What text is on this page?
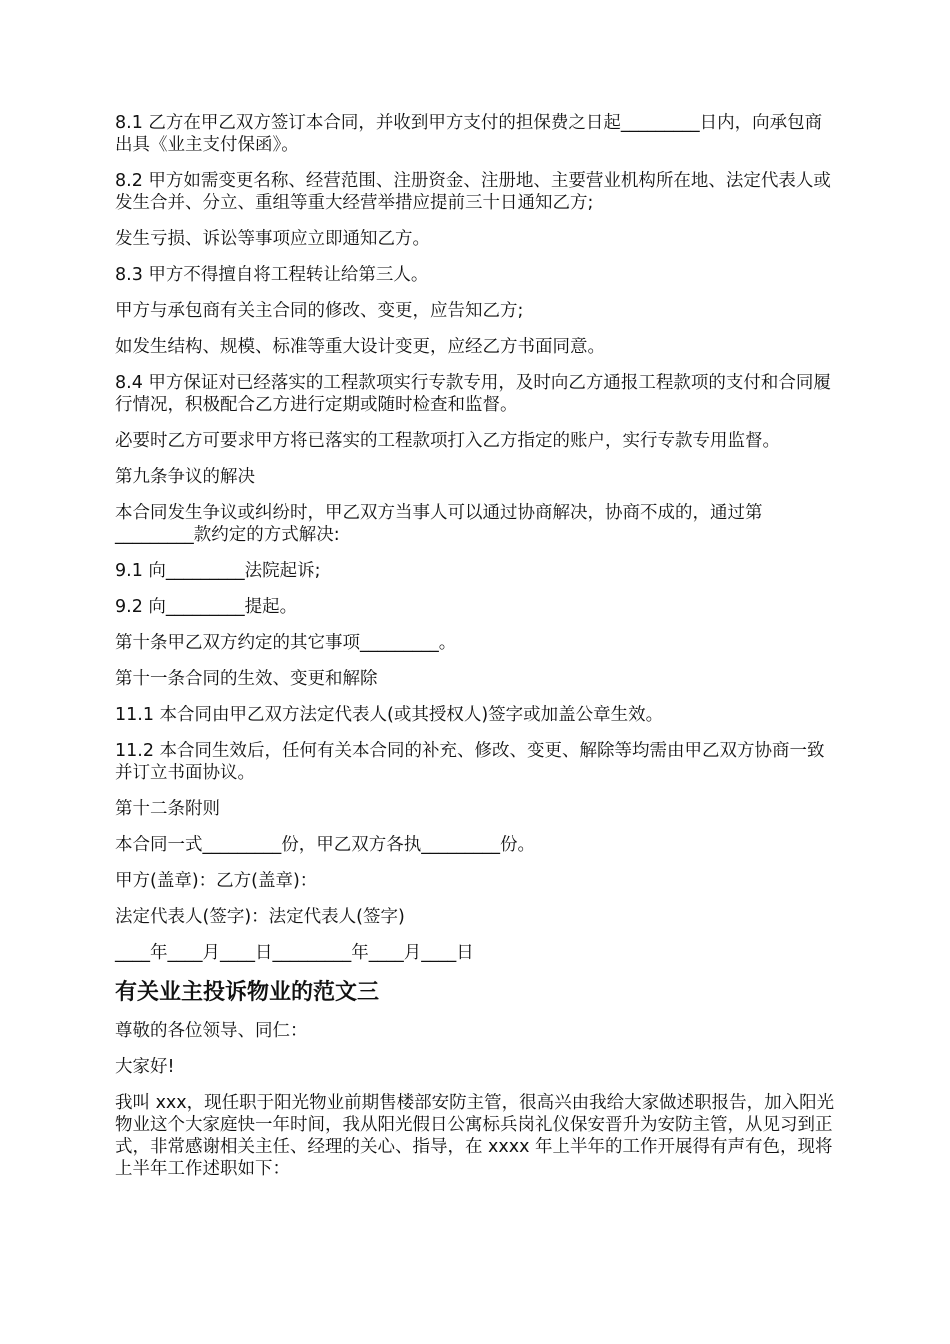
8.1 乙方在甲乙双方签订本合同，并收到甲方支付的担保费之日起_________日内，向承包商出具《业主支付保函》。

8.2 甲方如需变更名称、经营范围、注册资金、注册地、主要营业机构所在地、法定代表人或发生合并、分立、重组等重大经营举措应提前三十日通知乙方;

发生亏损、诉讼等事项应立即通知乙方。

8.3 甲方不得擅自将工程转让给第三人。

甲方与承包商有关主合同的修改、变更，应告知乙方;

如发生结构、规模、标准等重大设计变更，应经乙方书面同意。

8.4 甲方保证对已经落实的工程款项实行专款专用，及时向乙方通报工程款项的支付和合同履行情况，积极配合乙方进行定期或随时检查和监督。

必要时乙方可要求甲方将已落实的工程款项打入乙方指定的账户，实行专款专用监督。

第九条争议的解决

本合同发生争议或纠纷时，甲乙双方当事人可以通过协商解决，协商不成的，通过第_________款约定的方式解决:

9.1 向_________法院起诉;

9.2 向_________提起。

第十条甲乙双方约定的其它事项_________。

第十一条合同的生效、变更和解除

11.1 本合同由甲乙双方法定代表人(或其授权人)签字或加盖公章生效。

11.2 本合同生效后，任何有关本合同的补充、修改、变更、解除等均需由甲乙双方协商一致并订立书面协议。

第十二条附则

本合同一式_________份，甲乙双方各执_________份。

甲方(盖章)：乙方(盖章)：

法定代表人(签字)：法定代表人(签字)

____年____月____日_________年____月____日

有关业主投诉物业的范文三

尊敬的各位领导、同仁：

大家好!

我叫 xxx，现任职于阳光物业前期售楼部安防主管，很高兴由我给大家做述职报告，加入阳光物业这个大家庭快一年时间，我从阳光假日公寓标兵岗礼仪保安晋升为安防主管，从见习到正式，非常感谢相关主任、经理的关心、指导，在 xxxx 年上半年的工作开展得有声有色，现将上半年工作述职如下：
